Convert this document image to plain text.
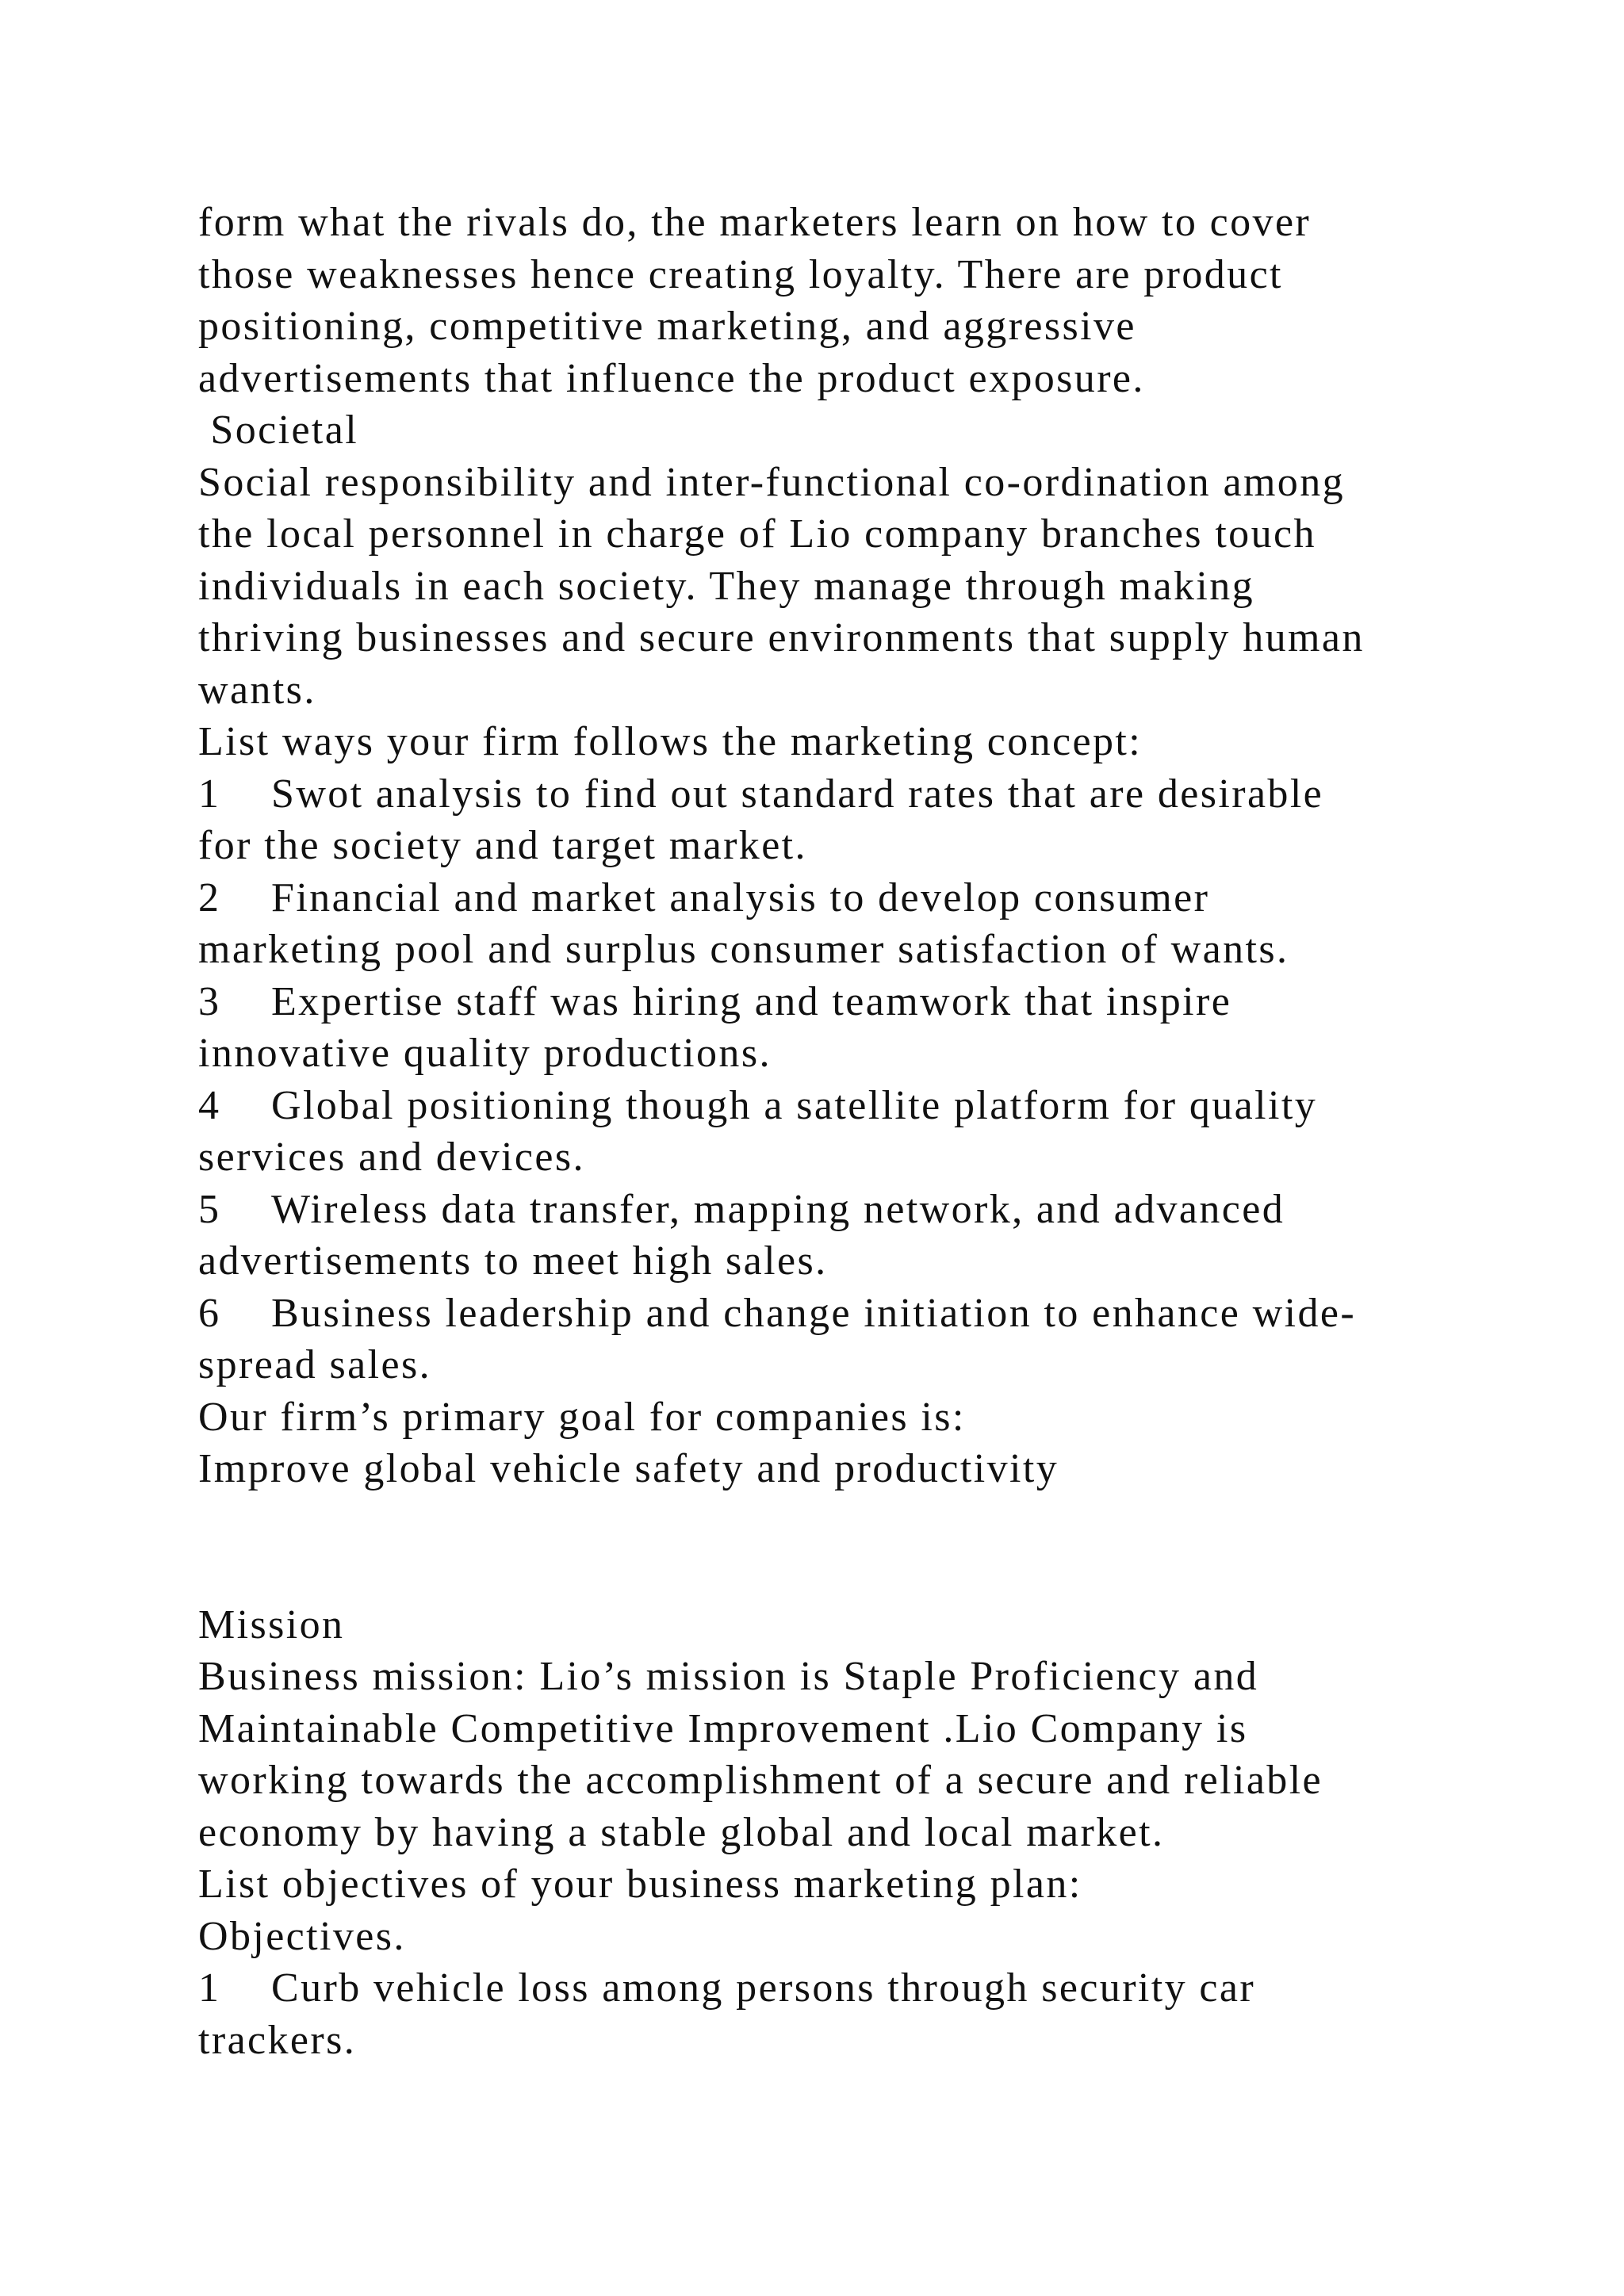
form what the rivals do, the marketers learn on how to cover
those weaknesses hence creating loyalty. There are product
positioning, competitive marketing, and aggressive
advertisements that influence the product exposure.
Societal
Social responsibility and inter-functional co-ordination among
the local personnel in charge of Lio company branches touch
individuals in each society. They manage through making
thriving businesses and secure environments that supply human
wants.
List ways your firm follows the marketing concept:
1 Swot analysis to find out standard rates that are desirable
for the society and target market.
2 Financial and market analysis to develop consumer
marketing pool and surplus consumer satisfaction of wants.
3 Expertise staff was hiring and teamwork that inspire
innovative quality productions.
4 Global positioning though a satellite platform for quality
services and devices.
5 Wireless data transfer, mapping network, and advanced
advertisements to meet high sales.
6 Business leadership and change initiation to enhance wide-
spread sales.
Our firm’s primary goal for companies is:
Improve global vehicle safety and productivity
Mission
Business mission: Lio’s mission is Staple Proficiency and
Maintainable Competitive Improvement .Lio Company is
working towards the accomplishment of a secure and reliable
economy by having a stable global and local market.
List objectives of your business marketing plan:
Objectives.
1 Curb vehicle loss among persons through security car
trackers.
